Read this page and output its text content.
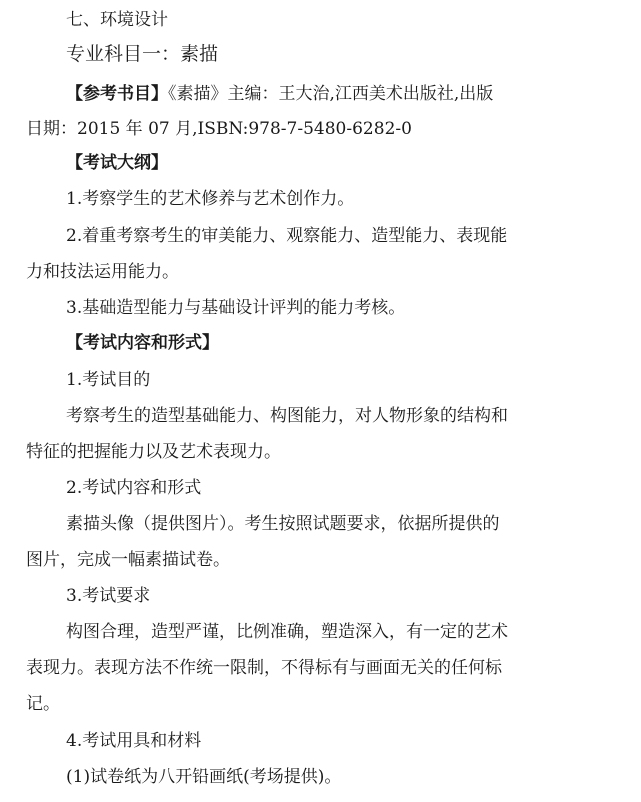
七、环境设计
专业科目一：素描
【参考书目】《素描》主编：王大治,江西美术出版社,出版
日期：2015 年 07 月,ISBN:978-7-5480-6282-0
【考试大纲】
1.考察学生的艺术修养与艺术创作力。
2.着重考察考生的审美能力、观察能力、造型能力、表现能
力和技法运用能力。
3.基础造型能力与基础设计评判的能力考核。
【考试内容和形式】
1.考试目的
考察考生的造型基础能力、构图能力，对人物形象的结构和
特征的把握能力以及艺术表现力。
2.考试内容和形式
素描头像（提供图片）。考生按照试题要求，依据所提供的
图片，完成一幅素描试卷。
3.考试要求
构图合理，造型严谨，比例准确，塑造深入，有一定的艺术
表现力。表现方法不作统一限制，不得标有与画面无关的任何标
记。
4.考试用具和材料
(1)试卷纸为八开铅画纸(考场提供)。
